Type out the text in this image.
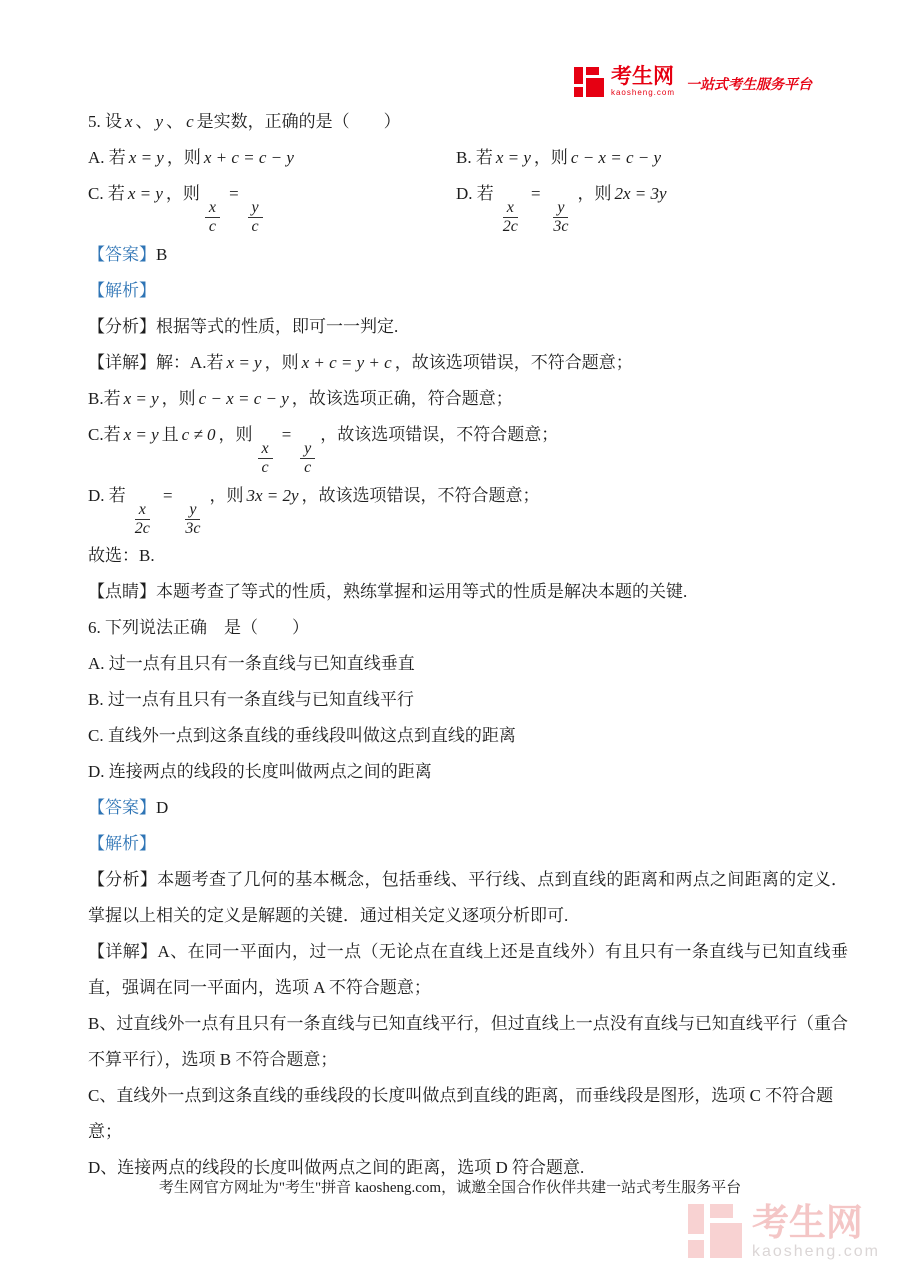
考生网
kaosheng.com
一站式考生服务平台
5. 设 x 、 y 、 c 是实数，正确的是（　　）
A. 若 x = y ，则 x + c = c − y	B. 若 x = y ，则 c − x = c − y
C. 若 x = y ，则
$\frac{x}{c}$
=
$\frac{y}{c}$
D. 若
$\frac{x}{2c}$
=
$\frac{y}{3c}$
，则 2x = 3y
【答案】B
【解析】
【分析】根据等式的性质，即可一一判定.
【详解】解：A.若 x = y ，则 x + c = y + c ，故该选项错误，不符合题意；
B.若 x = y ，则 c − x = c − y ，故该选项正确，符合题意；
C.若 x = y 且 c ≠ 0 ，则
$\frac{x}{c}$
=
$\frac{y}{c}$
，故该选项错误，不符合题意；
D. 若
$\frac{x}{2c}$
=
$\frac{y}{3c}$
，则 3x = 2y ，故该选项错误，不符合题意；
故选：B.
【点睛】本题考查了等式的性质，熟练掌握和运用等式的性质是解决本题的关键.
6. 下列说法正确　是（　　）
A. 过一点有且只有一条直线与已知直线垂直
B. 过一点有且只有一条直线与已知直线平行
C. 直线外一点到这条直线的垂线段叫做这点到直线的距离
D. 连接两点的线段的长度叫做两点之间的距离
【答案】D
【解析】
【分析】本题考查了几何的基本概念，包括垂线、平行线、点到直线的距离和两点之间距离的定义．掌握以上相关的定义是解题的关键．通过相关定义逐项分析即可.
【详解】A、在同一平面内，过一点（无论点在直线上还是直线外）有且只有一条直线与已知直线垂直，强调在同一平面内，选项 A 不符合题意；
B、过直线外一点有且只有一条直线与已知直线平行，但过直线上一点没有直线与已知直线平行（重合不算平行），选项 B 不符合题意；
C、直线外一点到这条直线的垂线段的长度叫做点到直线的距离，而垂线段是图形，选项 C 不符合题意；
D、连接两点的线段的长度叫做两点之间的距离，选项 D 符合题意.
考生网官方网址为"考生"拼音 kaosheng.com，诚邀全国合作伙伴共建一站式考生服务平台
考生网
kaosheng.com
